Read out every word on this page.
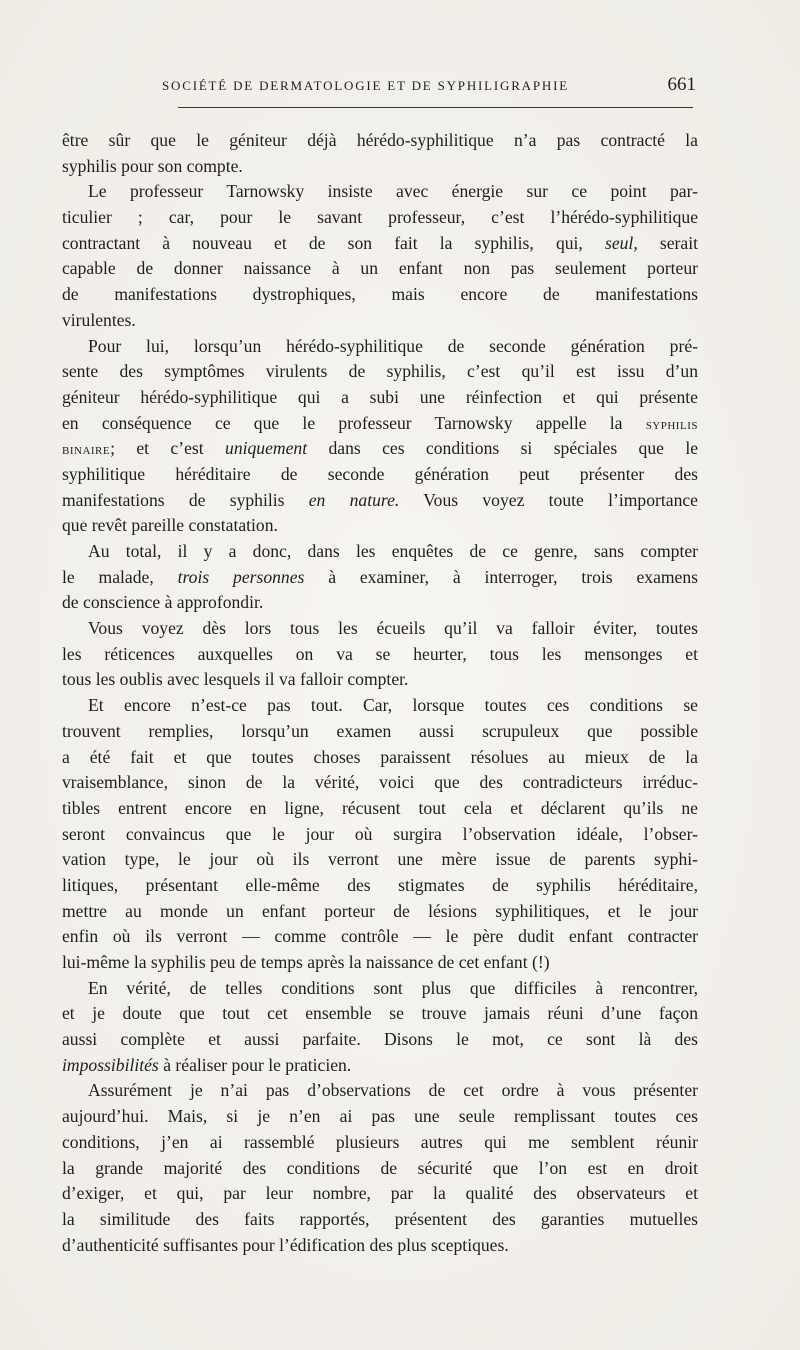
SOCIÉTÉ DE DERMATOLOGIE ET DE SYPHILIGRAPHIE	661
être sûr que le géniteur déjà hérédo-syphilitique n’a pas contracté la
syphilis pour son compte.
Le professeur Tarnowsky insiste avec énergie sur ce point par-
ticulier ; car, pour le savant professeur, c’est l’hérédo-syphilitique
contractant à nouveau et de son fait la syphilis, qui, seul, serait
capable de donner naissance à un enfant non pas seulement porteur
de manifestations dystrophiques, mais encore de manifestations
virulentes.
Pour lui, lorsqu’un hérédo-syphilitique de seconde génération pré-
sente des symptômes virulents de syphilis, c’est qu’il est issu d’un
géniteur hérédo-syphilitique qui a subi une réinfection et qui présente
en conséquence ce que le professeur Tarnowsky appelle la syphilis
binaire; et c’est uniquement dans ces conditions si spéciales que le
syphilitique héréditaire de seconde génération peut présenter des
manifestations de syphilis en nature. Vous voyez toute l’importance
que revêt pareille constatation.
Au total, il y a donc, dans les enquêtes de ce genre, sans compter
le malade, trois personnes à examiner, à interroger, trois examens
de conscience à approfondir.
Vous voyez dès lors tous les écueils qu’il va falloir éviter, toutes
les réticences auxquelles on va se heurter, tous les mensonges et
tous les oublis avec lesquels il va falloir compter.
Et encore n’est-ce pas tout. Car, lorsque toutes ces conditions se
trouvent remplies, lorsqu’un examen aussi scrupuleux que possible
a été fait et que toutes choses paraissent résolues au mieux de la
vraisemblance, sinon de la vérité, voici que des contradicteurs irréduc-
tibles entrent encore en ligne, récusent tout cela et déclarent qu’ils ne
seront convaincus que le jour où surgira l’observation idéale, l’obser-
vation type, le jour où ils verront une mère issue de parents syphi-
litiques, présentant elle-même des stigmates de syphilis héréditaire,
mettre au monde un enfant porteur de lésions syphilitiques, et le jour
enfin où ils verront — comme contrôle — le père dudit enfant contracter
lui-même la syphilis peu de temps après la naissance de cet enfant (!)
En vérité, de telles conditions sont plus que difficiles à rencontrer,
et je doute que tout cet ensemble se trouve jamais réuni d’une façon
aussi complète et aussi parfaite. Disons le mot, ce sont là des
impossibilités à réaliser pour le praticien.
Assurément je n’ai pas d’observations de cet ordre à vous présenter
aujourd’hui. Mais, si je n’en ai pas une seule remplissant toutes ces
conditions, j’en ai rassemblé plusieurs autres qui me semblent réunir
la grande majorité des conditions de sécurité que l’on est en droit
d’exiger, et qui, par leur nombre, par la qualité des observateurs et
la similitude des faits rapportés, présentent des garanties mutuelles
d’authenticité suffisantes pour l’édification des plus sceptiques.
